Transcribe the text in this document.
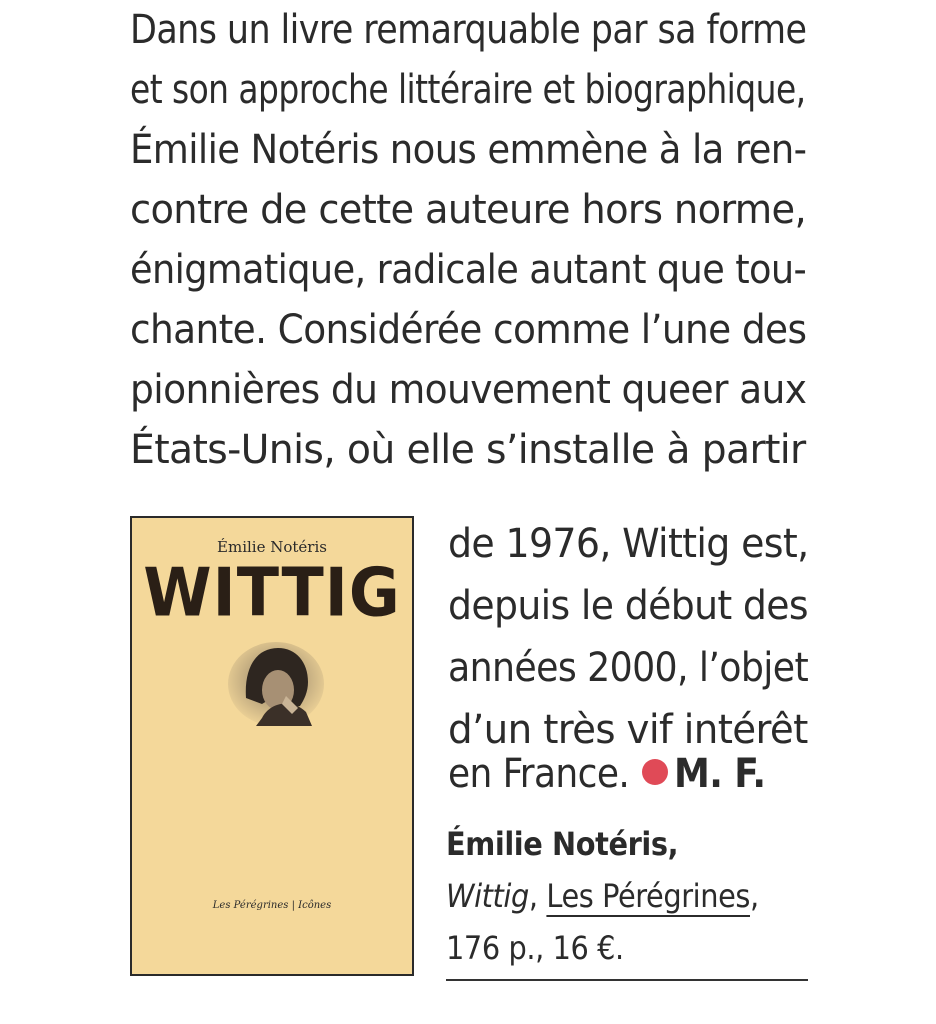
Dans un livre remarquable par sa forme
et son approche littéraire et biographique,
Émilie Notéris nous emmène à la ren-
contre de cette auteure hors norme,
énigmatique, radicale autant que tou-
chante. Considérée comme l’une des
pionnières du mouvement queer aux
États-Unis, où elle s’installe à partir
de 1976, Wittig est,
depuis le début des
années 2000, l’objet
d’un très vif intérêt
en France. M. F.
Émilie Notéris
WITTIG
Les Pérégrines | Icônes
Émilie Notéris,
Wittig, Les Pérégrines,
176 p., 16 €.
